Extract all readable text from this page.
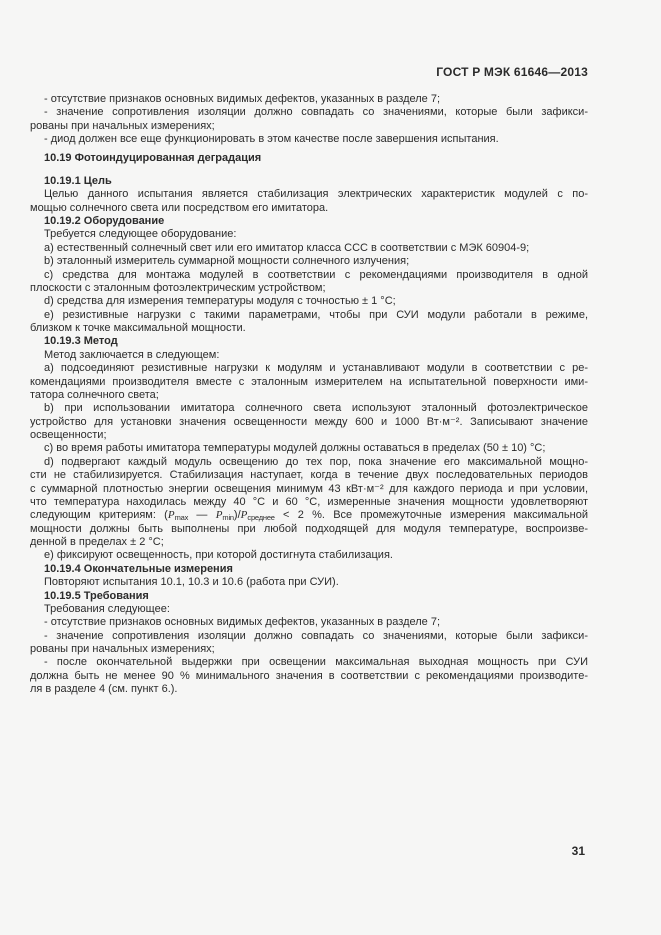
ГОСТ Р МЭК 61646—2013
- отсутствие признаков основных видимых дефектов, указанных в разделе 7;
- значение сопротивления изоляции должно совпадать со значениями, которые были зафикси-
рованы при начальных измерениях;
- диод должен все еще функционировать в этом качестве после завершения испытания.
10.19 Фотоиндуцированная деградация
10.19.1 Цель
Целью данного испытания является стабилизация электрических характеристик модулей с по-
мощью солнечного света или посредством его имитатора.
10.19.2 Оборудование
Требуется следующее оборудование:
a) естественный солнечный свет или его имитатор класса ССС в соответствии с МЭК 60904-9;
b) эталонный измеритель суммарной мощности солнечного излучения;
c) средства для монтажа модулей в соответствии с рекомендациями производителя в одной
плоскости с эталонным фотоэлектрическим устройством;
d) средства для измерения температуры модуля с точностью ± 1 °C;
e) резистивные нагрузки с такими параметрами, чтобы при СУИ модули работали в режиме,
близком к точке максимальной мощности.
10.19.3 Метод
Метод заключается в следующем:
a) подсоединяют резистивные нагрузки к модулям и устанавливают модули в соответствии с ре-
комендациями производителя вместе с эталонным измерителем на испытательной поверхности ими-
татора солнечного света;
b) при использовании имитатора солнечного света используют эталонный фотоэлектрическое
устройство для установки значения освещенности между 600 и 1000 Вт·м⁻². Записывают значение
освещенности;
c) во время работы имитатора температуры модулей должны оставаться в пределах (50 ± 10) °C;
d) подвергают каждый модуль освещению до тех пор, пока значение его максимальной мощно-
сти не стабилизируется. Стабилизация наступает, когда в течение двух последовательных периодов
с суммарной плотностью энергии освещения минимум 43 кВт·м⁻² для каждого периода и при условии,
что температура находилась между 40 °C и 60 °C, измеренные значения мощности удовлетворяют
следующим критериям: ($P_{max}$ — $P_{min})/P_{среднее} < 2$ %. Все промежуточные измерения максимальной
мощности должны быть выполнены при любой подходящей для модуля температуре, воспроизве-
денной в пределах ± 2 °C;
e) фиксируют освещенность, при которой достигнута стабилизация.
10.19.4 Окончательные измерения
Повторяют испытания 10.1, 10.3 и 10.6 (работа при СУИ).
10.19.5 Требования
Требования следующее:
- отсутствие признаков основных видимых дефектов, указанных в разделе 7;
- значение сопротивления изоляции должно совпадать со значениями, которые были зафикси-
рованы при начальных измерениях;
- после окончательной выдержки при освещении максимальная выходная мощность при СУИ
должна быть не менее 90 % минимального значения в соответствии с рекомендациями производите-
ля в разделе 4 (см. пункт 6.).
31
